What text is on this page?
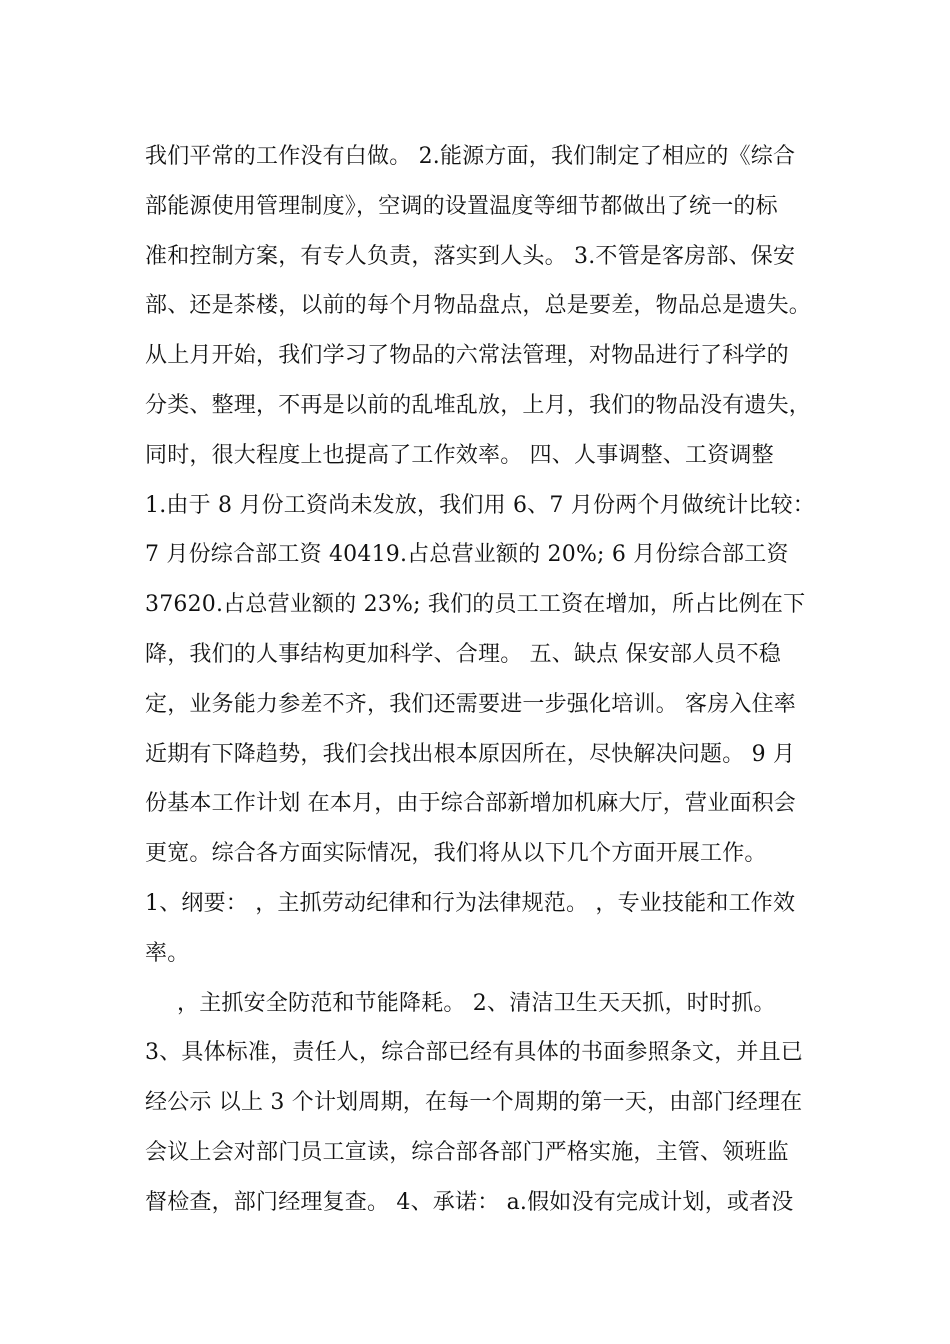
我们平常的工作没有白做。 2.能源方面，我们制定了相应的《综合
部能源使用管理制度》，空调的设置温度等细节都做出了统一的标
准和控制方案，有专人负责，落实到人头。 3.不管是客房部、保安
部、还是茶楼，以前的每个月物品盘点，总是要差，物品总是遗失。
从上月开始，我们学习了物品的六常法管理，对物品进行了科学的
分类、整理，不再是以前的乱堆乱放，上月，我们的物品没有遗失，
同时，很大程度上也提高了工作效率。 四、人事调整、工资调整
1.由于 8 月份工资尚未发放，我们用 6、7 月份两个月做统计比较：
7 月份综合部工资 40419.占总营业额的 20%; 6 月份综合部工资
37620.占总营业额的 23%; 我们的员工工资在增加，所占比例在下
降，我们的人事结构更加科学、合理。 五、缺点 保安部人员不稳
定，业务能力参差不齐，我们还需要进一步强化培训。 客房入住率
近期有下降趋势，我们会找出根本原因所在，尽快解决问题。 9 月
份基本工作计划 在本月，由于综合部新增加机麻大厅，营业面积会
更宽。综合各方面实际情况，我们将从以下几个方面开展工作。
1、纲要： ，主抓劳动纪律和行为法律规范。 ，专业技能和工作效
率。
，主抓安全防范和节能降耗。 2、清洁卫生天天抓，时时抓。
3、具体标准，责任人，综合部已经有具体的书面参照条文，并且已
经公示 以上 3 个计划周期，在每一个周期的第一天，由部门经理在
会议上会对部门员工宣读，综合部各部门严格实施，主管、领班监
督检查，部门经理复查。 4、承诺： a.假如没有完成计划，或者没
